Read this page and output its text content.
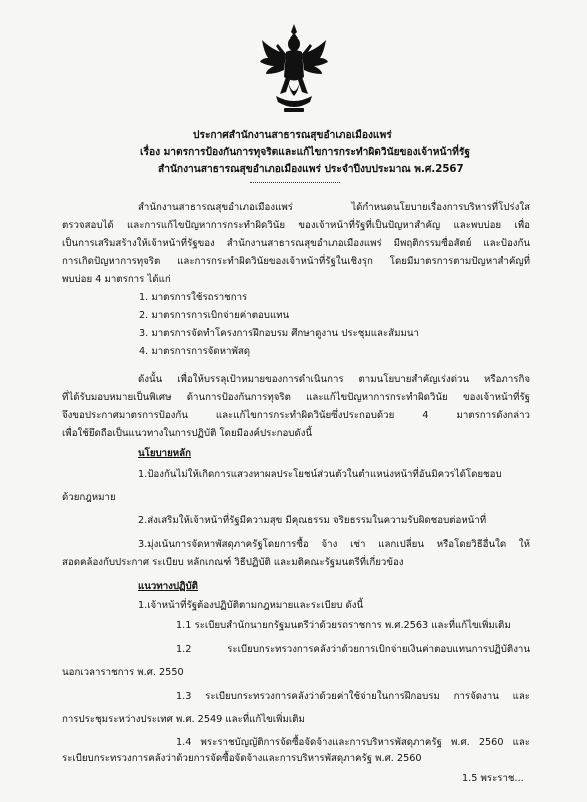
ประกาศสำนักงานสาธารณสุขอำเภอเมืองแพร่
เรื่อง มาตรการป้องกันการทุจริตและแก้ไขการกระทำผิดวินัยของเจ้าหน้าที่รัฐ
สำนักงานสาธารณสุขอำเภอเมืองแพร่ ประจำปีงบประมาณ พ.ศ.2567
สำนักงานสาธารณสุขอำเภอเมืองแพร่ ได้กำหนดนโยบายเรื่องการบริหารที่โปร่งใส
ตรวจสอบได้ และการแก้ไขปัญหาการกระทำผิดวินัย ของเจ้าหน้าที่รัฐที่เป็นปัญหาสำคัญ และพบบ่อย เพื่อ
เป็นการเสริมสร้างให้เจ้าหน้าที่รัฐของ สำนักงานสาธารณสุขอำเภอเมืองแพร่ มีพฤติกรรมซื่อสัตย์ และป้องกัน
การเกิดปัญหาการทุจริต และการกระทำผิดวินัยของเจ้าหน้าที่รัฐในเชิงรุก โดยมีมาตรการตามปัญหาสำคัญที่
พบบ่อย 4 มาตรการ ได้แก่
1. มาตรการใช้รถราชการ
2. มาตรการการเบิกจ่ายค่าตอบแทน
3. มาตรการจัดทำโครงการฝึกอบรม ศึกษาดูงาน ประชุมและสัมมนา
4. มาตรการการจัดหาพัสดุ
ดังนั้น เพื่อให้บรรลุเป้าหมายของการดำเนินการ ตามนโยบายสำคัญเร่งด่วน หรือภารกิจ
ที่ได้รับมอบหมายเป็นพิเศษ ด้านการป้องกันการทุจริต และแก้ไขปัญหาการกระทำผิดวินัย ของเจ้าหน้าที่รัฐ
จึงขอประกาศมาตรการป้องกัน และแก้ไขการกระทำผิดวินัยซึ่งประกอบด้วย 4 มาตรการดังกล่าว
เพื่อใช้ยึดถือเป็นแนวทางในการปฏิบัติ โดยมีองค์ประกอบดังนี้
นโยบายหลัก
1.ป้องกันไม่ให้เกิดการแสวงหาผลประโยชน์ส่วนตัวในตำแหน่งหน้าที่อันมิควรได้โดยชอบ
ด้วยกฎหมาย
2.ส่งเสริมให้เจ้าหน้าที่รัฐมีความสุข มีคุณธรรม จริยธรรมในความรับผิดชอบต่อหน้าที่
3.มุ่งเน้นการจัดหาพัสดุภาครัฐโดยการซื้อ จ้าง เช่า แลกเปลี่ยน หรือโดยวิธีอื่นใด ให้
สอดคล้องกับประกาศ ระเบียบ หลักเกณฑ์ วิธีปฏิบัติ และมติคณะรัฐมนตรีที่เกี่ยวข้อง
แนวทางปฏิบัติ
1.เจ้าหน้าที่รัฐต้องปฏิบัติตามกฎหมายและระเบียบ ดังนี้
1.1 ระเบียบสำนักนายกรัฐมนตรีว่าด้วยรถราชการ พ.ศ.2563 และที่แก้ไขเพิ่มเติม
1.2 ระเบียบกระทรวงการคลังว่าด้วยการเบิกจ่ายเงินค่าตอบแทนการปฏิบัติงาน
นอกเวลาราชการ พ.ศ. 2550
1.3 ระเบียบกระทรวงการคลังว่าด้วยค่าใช้จ่ายในการฝึกอบรม การจัดงาน และ
การประชุมระหว่างประเทศ พ.ศ. 2549 และที่แก้ไขเพิ่มเติม
1.4 พระราชบัญญัติการจัดซื้อจัดจ้างและการบริหารพัสดุภาครัฐ พ.ศ. 2560 และ
ระเบียบกระทรวงการคลังว่าด้วยการจัดซื้อจัดจ้างและการบริหารพัสดุภาครัฐ พ.ศ. 2560
1.5 พระราช...
